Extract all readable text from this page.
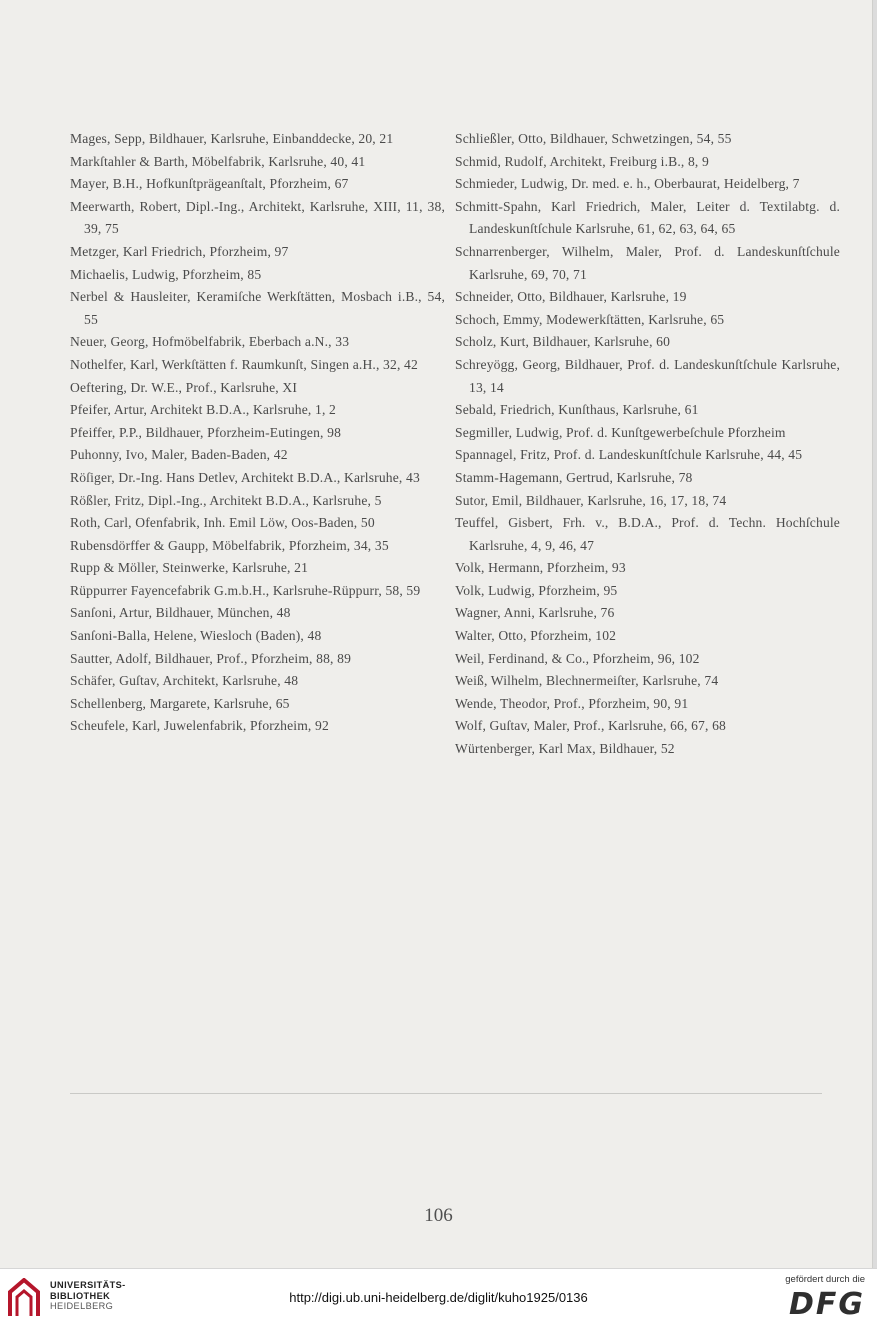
Mages, Sepp, Bildhauer, Karlsruhe, Einbanddecke, 20, 21
Markſtahler & Barth, Möbelfabrik, Karlsruhe, 40, 41
Mayer, B.H., Hofkunſtprägeanſtalt, Pforzheim, 67
Meerwarth, Robert, Dipl.-Ing., Architekt, Karlsruhe, XIII, 11, 38, 39, 75
Metzger, Karl Friedrich, Pforzheim, 97
Michaelis, Ludwig, Pforzheim, 85
Nerbel & Hausleiter, Keramiſche Werkſtätten, Mosbach i.B., 54, 55
Neuer, Georg, Hofmöbelfabrik, Eberbach a.N., 33
Nothelfer, Karl, Werkſtätten f. Raumkunſt, Singen a.H., 32, 42
Oeftering, Dr. W.E., Prof., Karlsruhe, XI
Pfeifer, Artur, Architekt B.D.A., Karlsruhe, 1, 2
Pfeiffer, P.P., Bildhauer, Pforzheim-Eutingen, 98
Puhonny, Ivo, Maler, Baden-Baden, 42
Röſiger, Dr.-Ing. Hans Detlev, Architekt B.D.A., Karlsruhe, 43
Rößler, Fritz, Dipl.-Ing., Architekt B.D.A., Karlsruhe, 5
Roth, Carl, Ofenfabrik, Inh. Emil Löw, Oos-Baden, 50
Rubensdörffer & Gaupp, Möbelfabrik, Pforzheim, 34, 35
Rupp & Möller, Steinwerke, Karlsruhe, 21
Rüppurrer Fayencefabrik G.m.b.H., Karlsruhe-Rüppurr, 58, 59
Sanſoni, Artur, Bildhauer, München, 48
Sanſoni-Balla, Helene, Wiesloch (Baden), 48
Sautter, Adolf, Bildhauer, Prof., Pforzheim, 88, 89
Schäfer, Guſtav, Architekt, Karlsruhe, 48
Schellenberg, Margarete, Karlsruhe, 65
Scheufele, Karl, Juwelenfabrik, Pforzheim, 92
Schließler, Otto, Bildhauer, Schwetzingen, 54, 55
Schmid, Rudolf, Architekt, Freiburg i.B., 8, 9
Schmieder, Ludwig, Dr. med. e. h., Oberbaurat, Heidelberg, 7
Schmitt-Spahn, Karl Friedrich, Maler, Leiter d. Textilabtg. d. Landeskunſtſchule Karlsruhe, 61, 62, 63, 64, 65
Schnarrenberger, Wilhelm, Maler, Prof. d. Landeskunſtſchule Karlsruhe, 69, 70, 71
Schneider, Otto, Bildhauer, Karlsruhe, 19
Schoch, Emmy, Modewerkſtätten, Karlsruhe, 65
Scholz, Kurt, Bildhauer, Karlsruhe, 60
Schreyögg, Georg, Bildhauer, Prof. d. Landeskunſtſchule Karlsruhe, 13, 14
Sebald, Friedrich, Kunſthaus, Karlsruhe, 61
Segmiller, Ludwig, Prof. d. Kunſtgewerbeſchule Pforzheim
Spannagel, Fritz, Prof. d. Landeskunſtſchule Karlsruhe, 44, 45
Stamm-Hagemann, Gertrud, Karlsruhe, 78
Sutor, Emil, Bildhauer, Karlsruhe, 16, 17, 18, 74
Teuffel, Gisbert, Frh. v., B.D.A., Prof. d. Techn. Hochſchule Karlsruhe, 4, 9, 46, 47
Volk, Hermann, Pforzheim, 93
Volk, Ludwig, Pforzheim, 95
Wagner, Anni, Karlsruhe, 76
Walter, Otto, Pforzheim, 102
Weil, Ferdinand, & Co., Pforzheim, 96, 102
Weiß, Wilhelm, Blechnermeiſter, Karlsruhe, 74
Wende, Theodor, Prof., Pforzheim, 90, 91
Wolf, Guſtav, Maler, Prof., Karlsruhe, 66, 67, 68
Würtenberger, Karl Max, Bildhauer, 52
106
UNIVERSITÄTS-
BIBLIOTHEK
HEIDELBERG
http://digi.ub.uni-heidelberg.de/diglit/kuho1925/0136
gefördert durch die
DFG
